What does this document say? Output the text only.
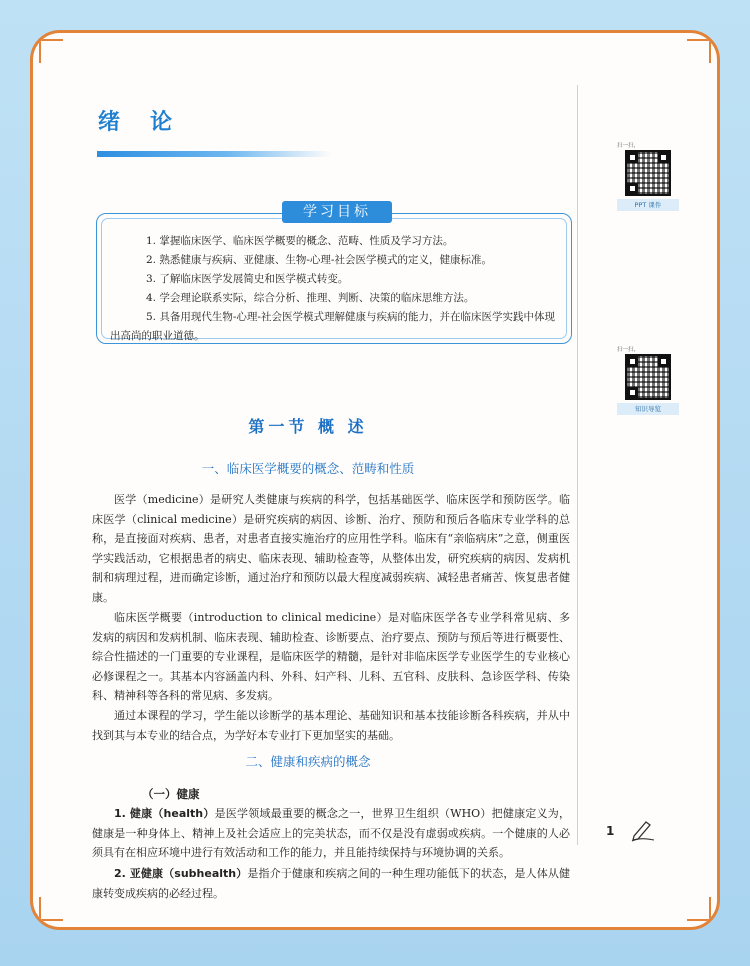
绪论
学习目标
1. 掌握临床医学、临床医学概要的概念、范畴、性质及学习方法。
2. 熟悉健康与疾病、亚健康、生物-心理-社会医学模式的定义，健康标准。
3. 了解临床医学发展简史和医学模式转变。
4. 学会理论联系实际，综合分析、推理、判断、决策的临床思维方法。
5. 具备用现代生物-心理-社会医学模式理解健康与疾病的能力，并在临床医学实践中体现出高尚的职业道德。
第一节 概 述
一、临床医学概要的概念、范畴和性质

医学（medicine）是研究人类健康与疾病的科学，包括基础医学、临床医学和预防医学。临床医学（clinical medicine）是研究疾病的病因、诊断、治疗、预防和预后各临床专业学科的总称，是直接面对疾病、患者，对患者直接实施治疗的应用性学科。临床有“亲临病床”之意，侧重医学实践活动，它根据患者的病史、临床表现、辅助检查等，从整体出发，研究疾病的病因、发病机制和病理过程，进而确定诊断，通过治疗和预防以最大程度减弱疾病、减轻患者痛苦、恢复患者健康。

临床医学概要（introduction to clinical medicine）是对临床医学各专业学科常见病、多发病的病因和发病机制、临床表现、辅助检查、诊断要点、治疗要点、预防与预后等进行概要性、综合性描述的一门重要的专业课程，是临床医学的精髓，是针对非临床医学专业医学生的专业核心必修课程之一。其基本内容涵盖内科、外科、妇产科、儿科、五官科、皮肤科、急诊医学科、传染科、精神科等各科的常见病、多发病。

通过本课程的学习，学生能以诊断学的基本理论、基础知识和基本技能诊断各科疾病，并从中找到其与本专业的结合点，为学好本专业打下更加坚实的基础。

二、健康和疾病的概念
（一）健康

1. 健康（health）是医学领域最重要的概念之一，世界卫生组织（WHO）把健康定义为，健康是一种身体上、精神上及社会适应上的完美状态，而不仅是没有虚弱或疾病。一个健康的人必须具有在相应环境中进行有效活动和工作的能力，并且能持续保持与环境协调的关系。

2. 亚健康（subhealth）是指介于健康和疾病之间的一种生理功能低下的状态，是人体从健康转变成疾病的必经过程。

扫一扫，
PPT 课件
扫一扫，
知识导览
1
